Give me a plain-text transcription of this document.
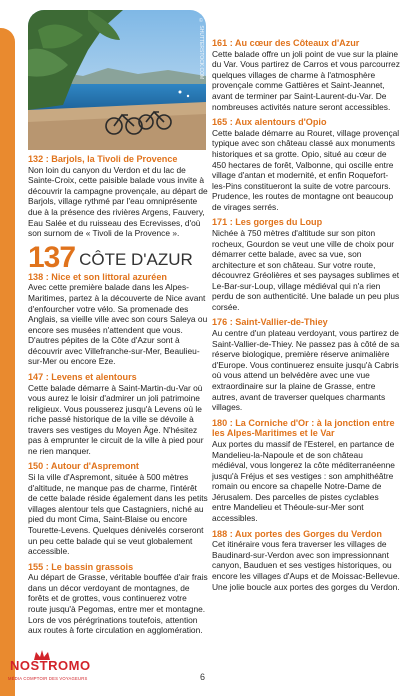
© SHUTTERSTOCK.COM
132 : Barjols, la Tivoli de Provence
Non loin du canyon du Verdon et du lac de Sainte-Croix, cette paisible balade vous invite à découvrir la campagne provençale, au départ de Barjols, village rythmé par l'eau omniprésente due à la présence des rivières Argens, Fauvery, Eau Salée et du ruisseau des Ecrevisses, d'où son surnom de « Tivoli de la Provence ».
137 CÔTE D'AZUR
138 : Nice et son littoral azuréen
Avec cette première balade dans les Alpes-Maritimes, partez à la découverte de Nice avant d'enfourcher votre vélo. Sa promenade des Anglais, sa vieille ville avec son cours Saleya ou encore ses musées n'attendent que vous. D'autres pépites de la Côte d'Azur sont à découvrir avec Villefranche-sur-Mer, Beaulieu-sur-Mer ou encore Eze.
147 : Levens et alentours
Cette balade démarre à Saint-Martin-du-Var où vous aurez le loisir d'admirer un joli patrimoine religieux. Vous pousserez jusqu'à Levens où le riche passé historique de la ville se dévoile à travers ses vestiges du Moyen Âge. N'hésitez pas à emprunter le circuit de la ville à pied pour ne rien manquer.
150 : Autour d'Aspremont
Si la ville d'Aspremont, située à 500 mètres d'altitude, ne manque pas de charme, l'intérêt de cette balade réside également dans les petits villages alentour tels que Castagniers, niché au pied du mont Cima, Saint-Blaise ou encore Tourette-Levens. Quelques dénivelés corseront un peu cette balade qui se veut globalement accessible.
155 : Le bassin grassois
Au départ de Grasse, véritable bouffée d'air frais dans un décor verdoyant de montagnes, de forêts et de grottes, vous continuerez votre route jusqu'à Pegomas, entre mer et montagne. Lors de vos pérégrinations toutefois, attention aux routes à forte circulation en agglomération.
161 : Au cœur des Côteaux d'Azur
Cette balade offre un joli point de vue sur la plaine du Var. Vous partirez de Carros et vous parcourrez quelques villages de charme à l'atmosphère provençale comme Gattières et Saint-Jeannet, avant de terminer par Saint-Laurent-du-Var. De nombreuses activités nature seront accessibles.
165 : Aux alentours d'Opio
Cette balade démarre au Rouret, village provençal typique avec son château classé aux monuments historiques et sa grotte. Opio, situé au cœur de 450 hectares de forêt, Valbonne, qui oscille entre village d'antan et modernité, et enfin Roquefort-les-Pins constitueront la suite de votre parcours. Prudence, les routes de montagne ont beaucoup de virages serrés.
171 : Les gorges du Loup
Nichée à 750 mètres d'altitude sur son piton rocheux, Gourdon se veut une ville de choix pour démarrer cette balade, avec sa vue, son architecture et son château. Sur votre route, découvrez Gréolières et ses paysages sublimes et Le-Bar-sur-Loup, village médiéval qui n'a rien perdu de son authenticité. Une balade un peu plus corsée.
176 : Saint-Vallier-de-Thiey
Au centre d'un plateau verdoyant, vous partirez de Saint-Vallier-de-Thiey. Ne passez pas à côté de sa réserve biologique, première réserve animalière d'Europe. Vous continuerez ensuite jusqu'à Cabris où vous attend un belvédère avec une vue extraordinaire sur la plaine de Grasse, entre autres, avant de traverser quelques charmants villages.
180 : La Corniche d'Or : à la jonction entre les Alpes-Maritimes et le Var
Aux portes du massif de l'Esterel, en partance de Mandelieu-la-Napoule et de son château médiéval, vous longerez la côte méditerranéenne jusqu'à Fréjus et ses vestiges : son amphithéâtre romain ou encore sa chapelle Notre-Dame de Jérusalem. Des parcelles de pistes cyclables entre Mandelieu et Théoule-sur-Mer sont accessibles.
188 : Aux portes des Gorges du Verdon
Cet itinéraire vous fera traverser les villages de Baudinard-sur-Verdon avec son impressionnant canyon, Bauduen et ses vestiges historiques, ou encore les villages d'Aups et de Moissac-Bellevue. Une jolie boucle aux portes des gorges du Verdon.
NOSTROMO
MÉDIA COMPTOIR DES VOYAGEURS	6
